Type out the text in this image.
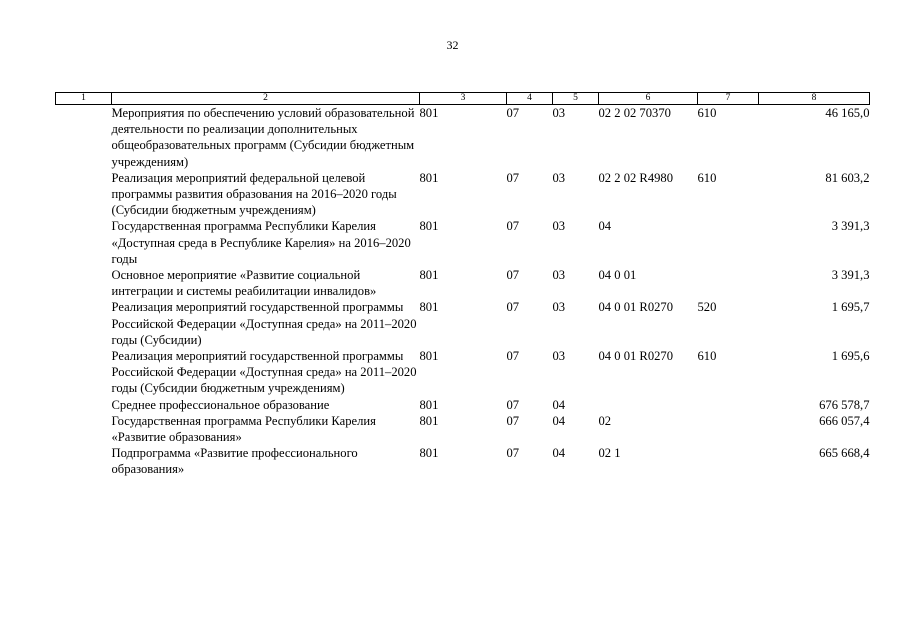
32
1	2	3	4	5	6	7	8
	Мероприятия по обеспечению условий образовательной деятельности по реализации дополнительных общеобразовательных программ (Субсидии бюджетным учреждениям)	801	07	03	02 2 02 70370	610	46 165,0
	Реализация мероприятий федеральной целевой программы развития образования на 2016–2020 годы (Субсидии бюджетным учреждениям)	801	07	03	02 2 02 R4980	610	81 603,2
	Государственная программа Республики Карелия «Доступная среда в Республике Карелия» на 2016–2020 годы	801	07	03	04		3 391,3
	Основное мероприятие «Развитие социальной интеграции и системы реабилитации инвалидов»	801	07	03	04 0 01		3 391,3
	Реализация мероприятий государственной программы Российской Федерации «Доступная среда» на 2011–2020 годы (Субсидии)	801	07	03	04 0 01 R0270	520	1 695,7
	Реализация мероприятий государственной программы Российской Федерации «Доступная среда» на 2011–2020 годы (Субсидии бюджетным учреждениям)	801	07	03	04 0 01 R0270	610	1 695,6
	Среднее профессиональное образование	801	07	04			676 578,7
	Государственная программа Республики Карелия «Развитие образования»	801	07	04	02		666 057,4
	Подпрограмма «Развитие профессионального образования»	801	07	04	02 1		665 668,4
